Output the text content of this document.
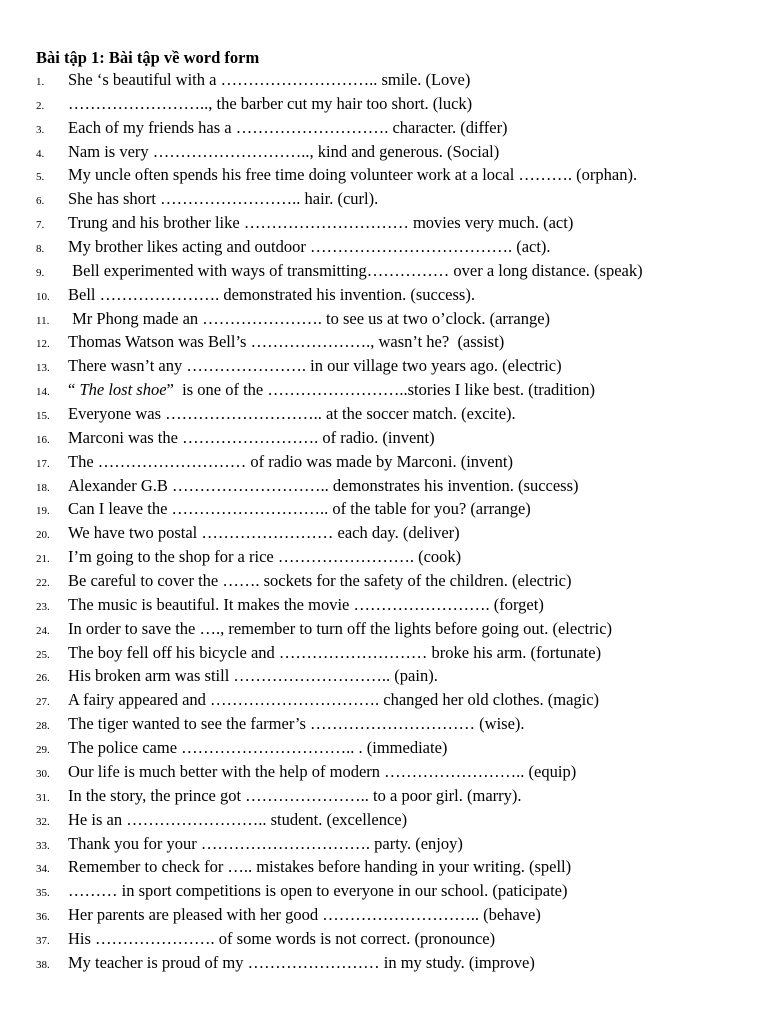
Bài tập 1: Bài tập về word form
1.	She ‘s beautiful with a ……………………….. smile. (Love)
2.	…………………….., the barber cut my hair too short. (luck)
3.	Each of my friends has a ………………………. character. (differ)
4.	Nam is very ……………………….., kind and generous. (Social)
5.	My uncle often spends his free time doing volunteer work at a local ………. (orphan).
6.	She has short …………………….. hair. (curl).
7.	Trung and his brother like ………………………… movies very much. (act)
8.	My brother likes acting and outdoor ………………………………. (act).
9.	Bell experimented with ways of transmitting…………… over a long distance. (speak)
10.	Bell …………………. demonstrated his invention. (success).
11.	Mr Phong made an …………………. to see us at two o’clock. (arrange)
12.	Thomas Watson was Bell’s …………………., wasn’t he?  (assist)
13.	There wasn’t any …………………. in our village two years ago. (electric)
14.	“ The lost shoe”  is one of the ……………………..stories I like best. (tradition)
15.	Everyone was ……………………….. at the soccer match. (excite).
16.	Marconi was the ……………………. of radio. (invent)
17.	The ……………………… of radio was made by Marconi. (invent)
18.	Alexander G.B ……………………….. demonstrates his invention. (success)
19.	Can I leave the ……………………….. of the table for you? (arrange)
20.	We have two postal …………………… each day. (deliver)
21.	I’m going to the shop for a rice ……………………. (cook)
22.	Be careful to cover the ……. sockets for the safety of the children. (electric)
23.	The music is beautiful. It makes the movie ……………………. (forget)
24.	In order to save the …., remember to turn off the lights before going out. (electric)
25.	The boy fell off his bicycle and ……………………… broke his arm. (fortunate)
26.	His broken arm was still ……………………….. (pain).
27.	A fairy appeared and …………………………. changed her old clothes. (magic)
28.	The tiger wanted to see the farmer’s ………………………… (wise).
29.	The police came ………………………….. . (immediate)
30.	Our life is much better with the help of modern …………………….. (equip)
31.	In the story, the prince got ………………….. to a poor girl. (marry).
32.	He is an …………………….. student. (excellence)
33.	Thank you for your …………………………. party. (enjoy)
34.	Remember to check for ….. mistakes before handing in your writing. (spell)
35.	……… in sport competitions is open to everyone in our school. (paticipate)
36.	Her parents are pleased with her good ……………………….. (behave)
37.	His …………………. of some words is not correct. (pronounce)
38.	My teacher is proud of my …………………… in my study. (improve)
